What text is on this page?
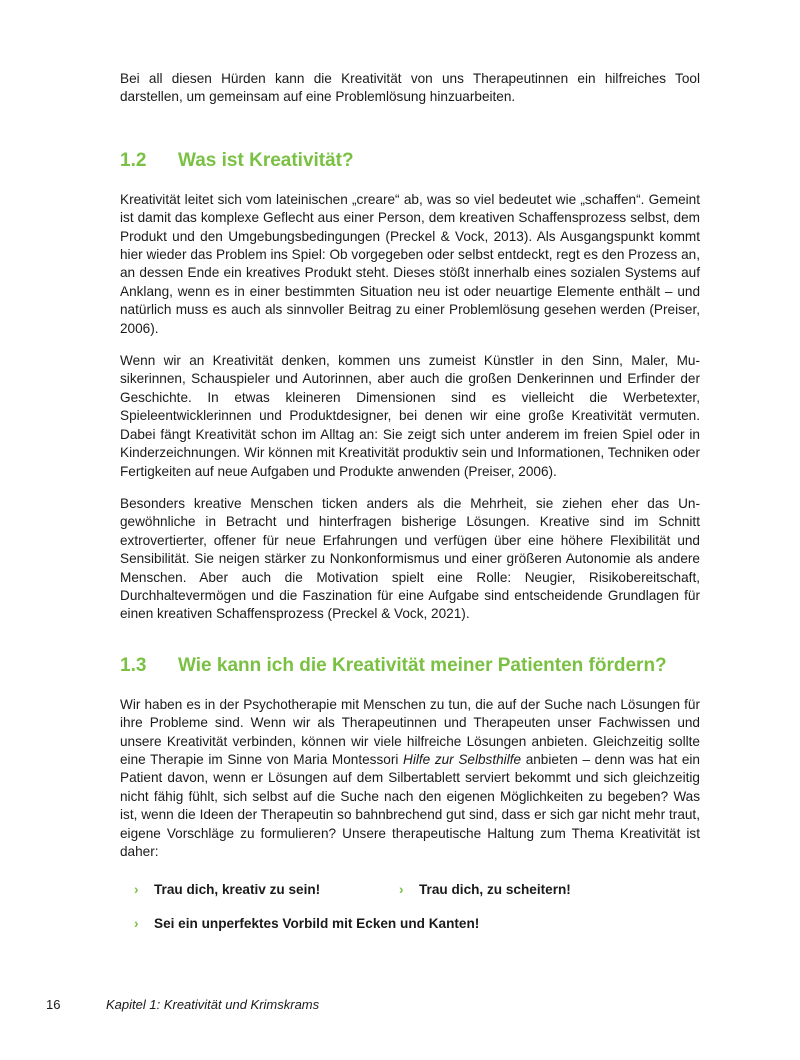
Bei all diesen Hürden kann die Kreativität von uns Therapeutinnen ein hilfreiches Tool darstellen, um gemeinsam auf eine Problemlösung hinzuarbeiten.

1.2	Was ist Kreativität?

Kreativität leitet sich vom lateinischen „creare“ ab, was so viel bedeutet wie „schaffen“. Gemeint ist damit das komplexe Geflecht aus einer Person, dem kreativen Schaffensprozess selbst, dem Produkt und den Umgebungsbedingungen (Preckel & Vock, 2013). Als Ausgangspunkt kommt hier wieder das Problem ins Spiel: Ob vorgegeben oder selbst entdeckt, regt es den Prozess an, an dessen Ende ein kreatives Produkt steht. Dieses stößt innerhalb eines sozialen Systems auf Anklang, wenn es in einer bestimmten Situation neu ist oder neuartige Elemente enthält – und natürlich muss es auch als sinnvoller Beitrag zu einer Problemlösung gesehen werden (Preiser, 2006).

Wenn wir an Kreativität denken, kommen uns zumeist Künstler in den Sinn, Maler, Musikerinnen, Schauspieler und Autorinnen, aber auch die großen Denkerinnen und Erfinder der Geschichte. In etwas kleineren Dimensionen sind es vielleicht die Werbetexter, Spieleentwicklerinnen und Produktdesigner, bei denen wir eine große Kreativität vermuten. Dabei fängt Kreativität schon im Alltag an: Sie zeigt sich unter anderem im freien Spiel oder in Kinderzeichnungen. Wir können mit Kreativität produktiv sein und Informationen, Techniken oder Fertigkeiten auf neue Aufgaben und Produkte anwenden (Preiser, 2006).

Besonders kreative Menschen ticken anders als die Mehrheit, sie ziehen eher das Ungewöhnliche in Betracht und hinterfragen bisherige Lösungen. Kreative sind im Schnitt extrovertierter, offener für neue Erfahrungen und verfügen über eine höhere Flexibilität und Sensibilität. Sie neigen stärker zu Nonkonformismus und einer größeren Autonomie als andere Menschen. Aber auch die Motivation spielt eine Rolle: Neugier, Risikobereitschaft, Durchhaltevermögen und die Faszination für eine Aufgabe sind entscheidende Grundlagen für einen kreativen Schaffensprozess (Preckel & Vock, 2021).

1.3	Wie kann ich die Kreativität meiner Patienten fördern?

Wir haben es in der Psychotherapie mit Menschen zu tun, die auf der Suche nach Lösungen für ihre Probleme sind. Wenn wir als Therapeutinnen und Therapeuten unser Fachwissen und unsere Kreativität verbinden, können wir viele hilfreiche Lösungen anbieten. Gleichzeitig sollte eine Therapie im Sinne von Maria Montessori Hilfe zur Selbsthilfe anbieten – denn was hat ein Patient davon, wenn er Lösungen auf dem Silbertablett serviert bekommt und sich gleichzeitig nicht fähig fühlt, sich selbst auf die Suche nach den eigenen Möglichkeiten zu begeben? Was ist, wenn die Ideen der Therapeutin so bahnbrechend gut sind, dass er sich gar nicht mehr traut, eigene Vorschläge zu formulieren? Unsere therapeutische Haltung zum Thema Kreativität ist daher:

›	Trau dich, kreativ zu sein!	›	Trau dich, zu scheitern!
›	Sei ein unperfektes Vorbild mit Ecken und Kanten!
16	Kapitel 1: Kreativität und Krimskrams
